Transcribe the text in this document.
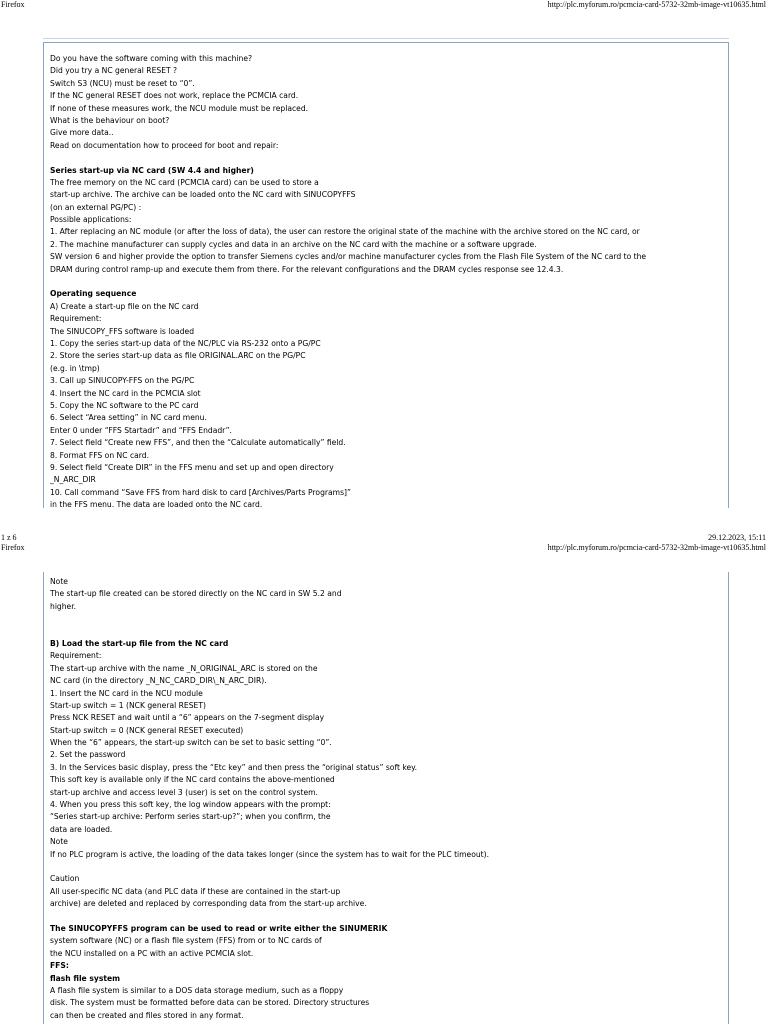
Firefox	http://plc.myforum.ro/pcmcia-card-5732-32mb-image-vt10635.html
Do you have the software coming with this machine?
Did you try a NC general RESET ?
Switch S3 (NCU) must be reset to “0”.
If the NC general RESET does not work, replace the PCMCIA card.
If none of these measures work, the NCU module must be replaced.
What is the behaviour on boot?
Give more data..
Read on documentation how to proceed for boot and repair:
Series start-up via NC card (SW 4.4 and higher)
The free memory on the NC card (PCMCIA card) can be used to store a
start-up archive. The archive can be loaded onto the NC card with SINUCOPYFFS
(on an external PG/PC) :
Possible applications:
1. After replacing an NC module (or after the loss of data), the user can restore the original state of the machine with the archive stored on the NC card, or
2. The machine manufacturer can supply cycles and data in an archive on the NC card with the machine or a software upgrade.
SW version 6 and higher provide the option to transfer Siemens cycles and/or machine manufacturer cycles from the Flash File System of the NC card to the
DRAM during control ramp-up and execute them from there. For the relevant configurations and the DRAM cycles response see 12.4.3.
Operating sequence
A) Create a start-up file on the NC card
Requirement:
The SINUCOPY_FFS software is loaded
1. Copy the series start-up data of the NC/PLC via RS-232 onto a PG/PC
2. Store the series start-up data as file ORIGINAL.ARC on the PG/PC
(e.g. in \tmp)
3. Call up SINUCOPY-FFS on the PG/PC
4. Insert the NC card in the PCMCIA slot
5. Copy the NC software to the PC card
6. Select “Area setting” in NC card menu.
Enter 0 under “FFS Startadr” and “FFS Endadr”.
7. Select field “Create new FFS”, and then the “Calculate automatically” field.
8. Format FFS on NC card.
9. Select field “Create DIR” in the FFS menu and set up and open directory
_N_ARC_DIR
10. Call command “Save FFS from hard disk to card [Archives/Parts Programs]”
in the FFS menu. The data are loaded onto the NC card.
1 z 6	29.12.2023, 15:11
Firefox	http://plc.myforum.ro/pcmcia-card-5732-32mb-image-vt10635.html
Note
The start-up file created can be stored directly on the NC card in SW 5.2 and
higher.
B) Load the start-up file from the NC card
Requirement:
The start-up archive with the name _N_ORIGINAL_ARC is stored on the
NC card (in the directory _N_NC_CARD_DIR\_N_ARC_DIR).
1. Insert the NC card in the NCU module
Start-up switch = 1 (NCK general RESET)
Press NCK RESET and wait until a “6” appears on the 7-segment display
Start-up switch = 0 (NCK general RESET executed)
When the “6” appears, the start-up switch can be set to basic setting “0”.
2. Set the password
3. In the Services basic display, press the “Etc key” and then press the “original status” soft key.
This soft key is available only if the NC card contains the above-mentioned
start-up archive and access level 3 (user) is set on the control system.
4. When you press this soft key, the log window appears with the prompt:
“Series start-up archive: Perform series start-up?”; when you confirm, the
data are loaded.
Note
If no PLC program is active, the loading of the data takes longer (since the system has to wait for the PLC timeout).
Caution
All user-specific NC data (and PLC data if these are contained in the start-up
archive) are deleted and replaced by corresponding data from the start-up archive.
The SINUCOPYFFS program can be used to read or write either the SINUMERIK
system software (NC) or a flash file system (FFS) from or to NC cards of
the NCU installed on a PC with an active PCMCIA slot.
FFS:
flash file system
A flash file system is similar to a DOS data storage medium, such as a floppy
disk. The system must be formatted before data can be stored. Directory structures
can then be created and files stored in any format.
